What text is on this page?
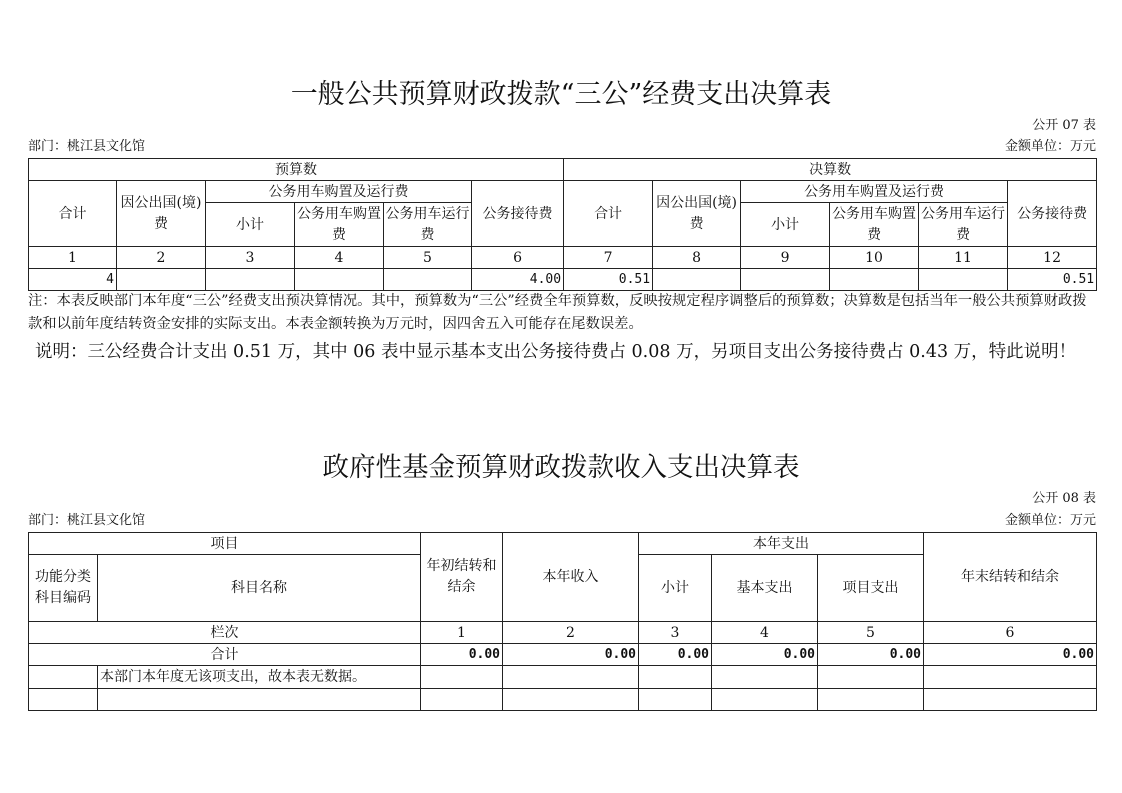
一般公共预算财政拨款“三公”经费支出决算表
公开 07 表
部门：桃江县文化馆	金额单位：万元
预算数						决算数					
合计	因公出国(境)费	公务用车购置及运行费			公务接待费	合计	因公出国(境)费	公务用车购置及运行费			公务接待费
		小计	公务用车购置费	公务用车运行费				小计	公务用车购置费	公务用车运行费	
1	2	3	4	5	6	7	8	9	10	11	12
4					4.00	0.51					0.51
注：本表反映部门本年度“三公”经费支出预决算情况。其中，预算数为“三公”经费全年预算数，反映按规定程序调整后的预算数；决算数是包括当年一般公共预算财政拨款和以前年度结转资金安排的实际支出。本表金额转换为万元时，因四舍五入可能存在尾数误差。
说明：三公经费合计支出 0.51 万，其中 06 表中显示基本支出公务接待费占 0.08 万，另项目支出公务接待费占 0.43 万，特此说明！
政府性基金预算财政拨款收入支出决算表
公开 08 表
部门：桃江县文化馆	金额单位：万元
项目		年初结转和结余	本年收入	本年支出			年末结转和结余
功能分类科目编码	科目名称			小计	基本支出	项目支出	
栏次		1	2	3	4	5	6
合计		0.00	0.00	0.00	0.00	0.00	0.00
	本部门本年度无该项支出，故本表无数据。						
